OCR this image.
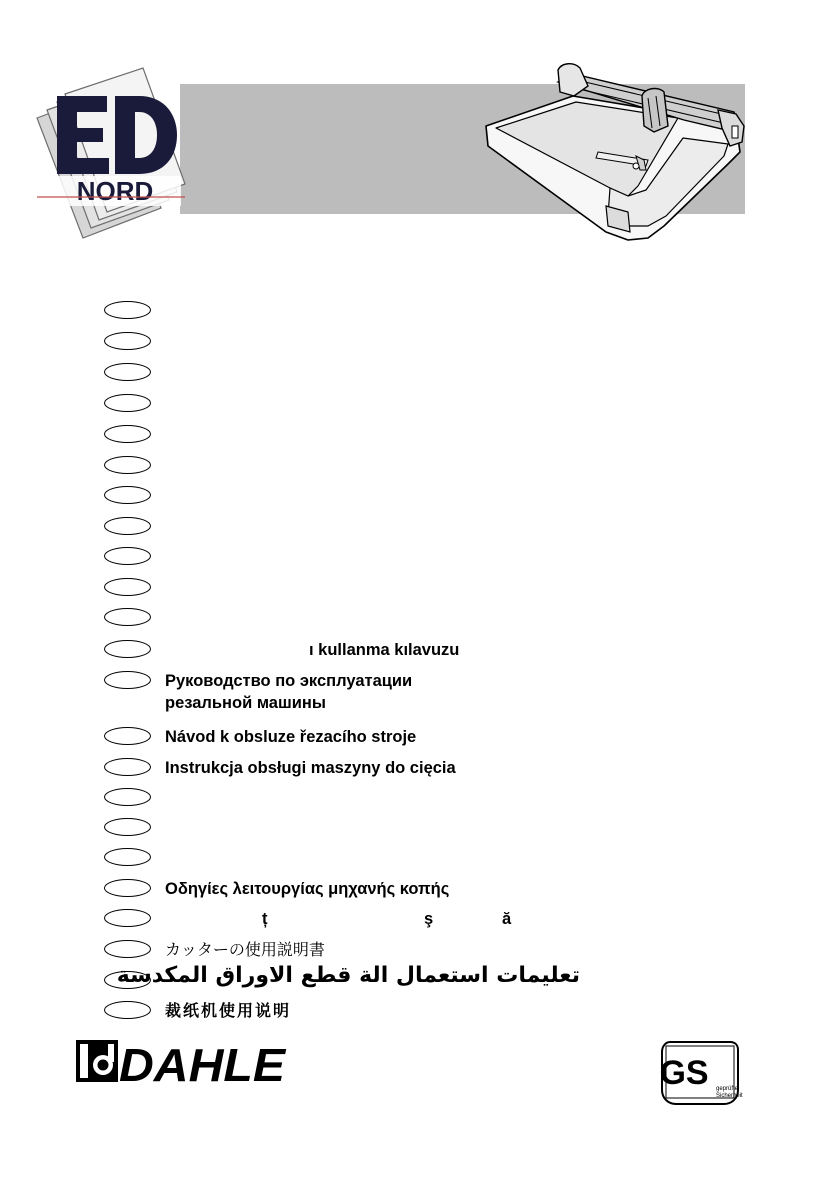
NORD
ı kullanma kılavuzu
Руководство по эксплуатации
резальной машины
Návod k obsluze řezacího stroje
Instrukcja obsługi maszyny do cięcia
Οδηγίες λειτουργίας μηχανής κοπής
ț	ş	ă
カッターの使用説明書
تعليمات استعمال الة قطع الاوراق المكدسة
裁纸机使用说明
DAHLE	GS geprüfte
Sicherheit
